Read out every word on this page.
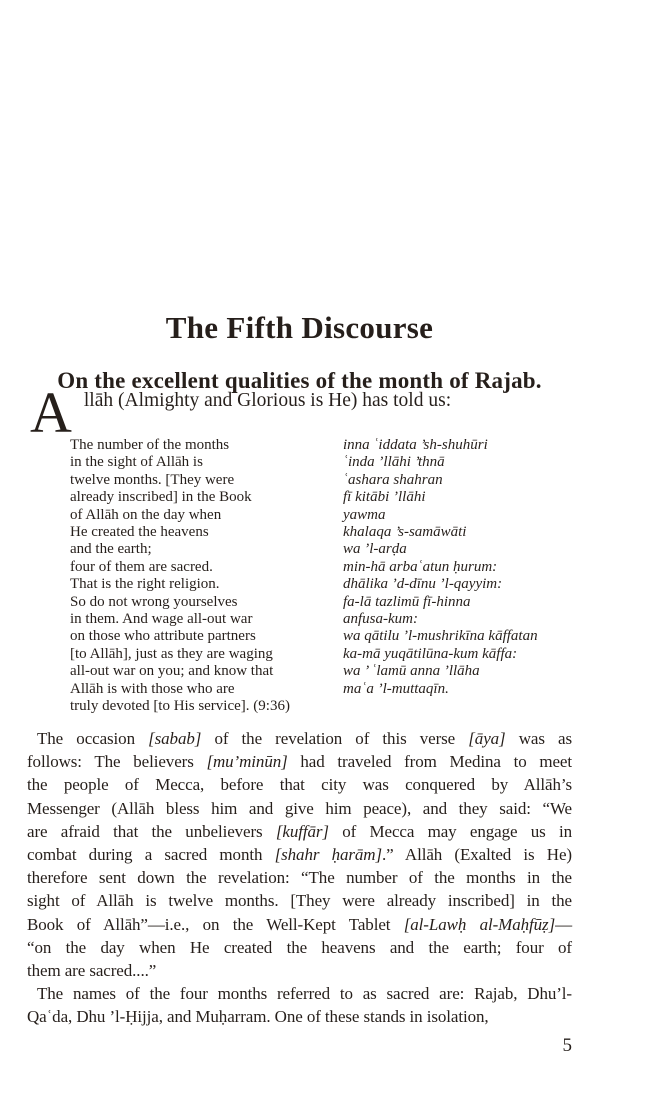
The Fifth Discourse
On the excellent qualities of the month of Rajab.
Allāh (Almighty and Glorious is He) has told us:
The number of the months
in the sight of Allāh is
twelve months. [They were
already inscribed] in the Book
of Allāh on the day when
He created the heavens
and the earth;
four of them are sacred.
That is the right religion.
So do not wrong yourselves
in them. And wage all-out war
on those who attribute partners
[to Allāh], just as they are waging
all-out war on you; and know that
Allāh is with those who are
truly devoted [to His service]. (9:36)
inna ʿiddata ’sh-shuhūri
ʿinda ’llāhi ’thnā
ʿashara shahran
fī kitābi ’llāhi
yawma
khalaqa ’s-samāwāti
wa ’l-arḍa
min-hā arbaʿatun ḥurum:
dhālika ’d-dīnu ’l-qayyim:
fa-lā tazlimū fī-hinna
anfusa-kum:
wa qātilu ’l-mushrikīna kāffatan
ka-mā yuqātilūna-kum kāffa:
wa ’ ʿlamū anna ’llāha
maʿa ’l-muttaqīn.
The occasion [sabab] of the revelation of this verse [āya] was as
follows: The believers [mu’minūn] had traveled from Medina to meet
the people of Mecca, before that city was conquered by Allāh’s
Messenger (Allāh bless him and give him peace), and they said: “We
are afraid that the unbelievers [kuffār] of Mecca may engage us in
combat during a sacred month [shahr ḥarām].” Allāh (Exalted is He)
therefore sent down the revelation: “The number of the months in the
sight of Allāh is twelve months. [They were already inscribed] in the
Book of Allāh”—i.e., on the Well-Kept Tablet [al-Lawḥ al-Maḥfūẓ]—
“on the day when He created the heavens and the earth; four of
them are sacred....”
The names of the four months referred to as sacred are: Rajab, Dhu’l-
Qaʿda, Dhu ’l-Ḥijja, and Muḥarram. One of these stands in isolation,
5
